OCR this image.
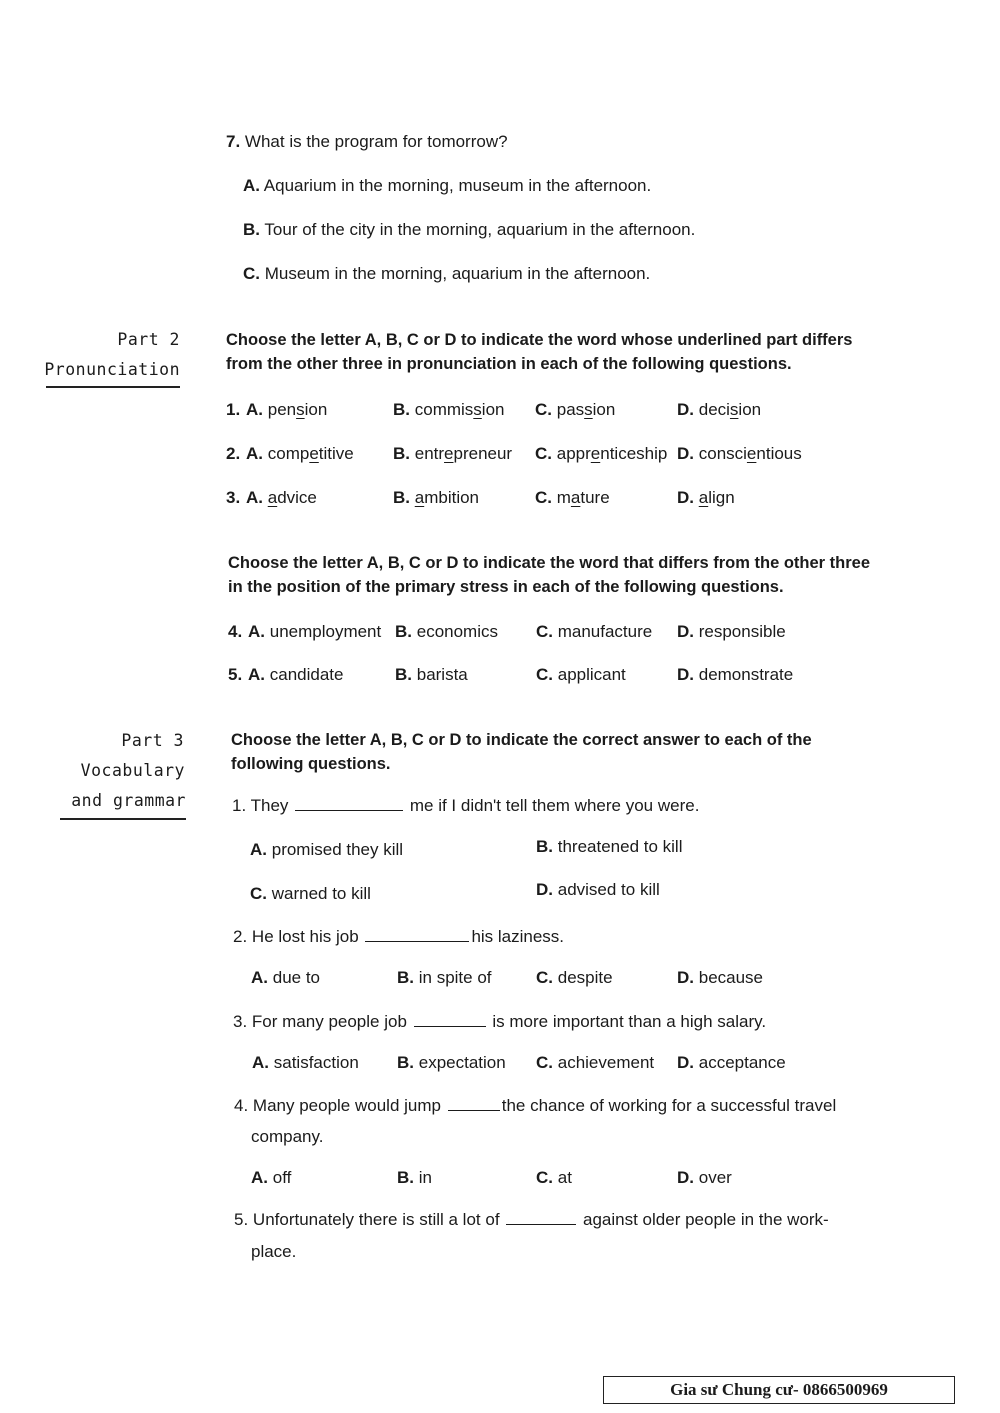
7. What is the program for tomorrow?
A. Aquarium in the morning, museum in the afternoon.
B. Tour of the city in the morning, aquarium in the afternoon.
C. Museum in the morning, aquarium in the afternoon.
Part 2
Pronunciation
Choose the letter A, B, C or D to indicate the word whose underlined part differs from the other three in pronunciation in each of the following questions.
1. A. pension	B. commission C. passion	D. decision
2. A. competitive B. entrepreneur C. apprenticeship D. conscientious
3. A. advice	B. ambition	C. mature	D. align
Choose the letter A, B, C or D to indicate the word that differs from the other three in the position of the primary stress in each of the following questions.
4. A. unemployment B. economics C. manufacture D. responsible
5. A. candidate	B. barista	C. applicant	D. demonstrate
Part 3
Vocabulary
and grammar
Choose the letter A, B, C or D to indicate the correct answer to each of the following questions.
1. They	me if I didn't tell them where you were.
A. promised they kill	B. threatened to kill
C. warned to kill	D. advised to kill
2. He lost his job	his laziness.
A. due to	B. in spite of	C. despite	D. because
3. For many people job	is more important than a high salary.
A. satisfaction B. expectation C. achievement D. acceptance
4. Many people would jump	the chance of working for a successful travel
company.
A. off	B. in	C. at	D. over
5. Unfortunately there is still a lot of	against older people in the work-
place.
Gia sư Chung cư- 0866500969
